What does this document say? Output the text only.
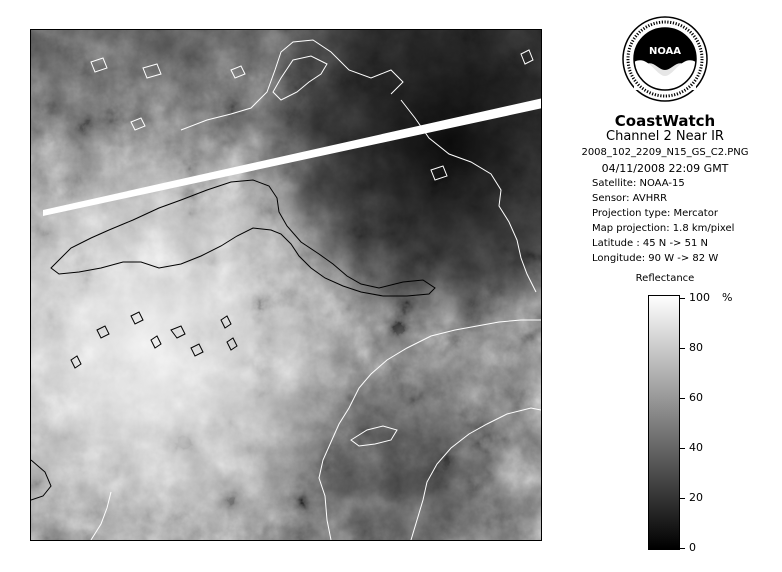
NOAA
CoastWatch
Channel 2 Near IR
2008_102_2209_N15_GS_C2.PNG
04/11/2008 22:09 GMT
Satellite: NOAA-15
Sensor: AVHRR
Projection type: Mercator
Map projection: 1.8 km/pixel
Latitude : 45 N -> 51 N
Longitude: 90 W -> 82 W
Reflectance
%
100
80
60
40
20
0
